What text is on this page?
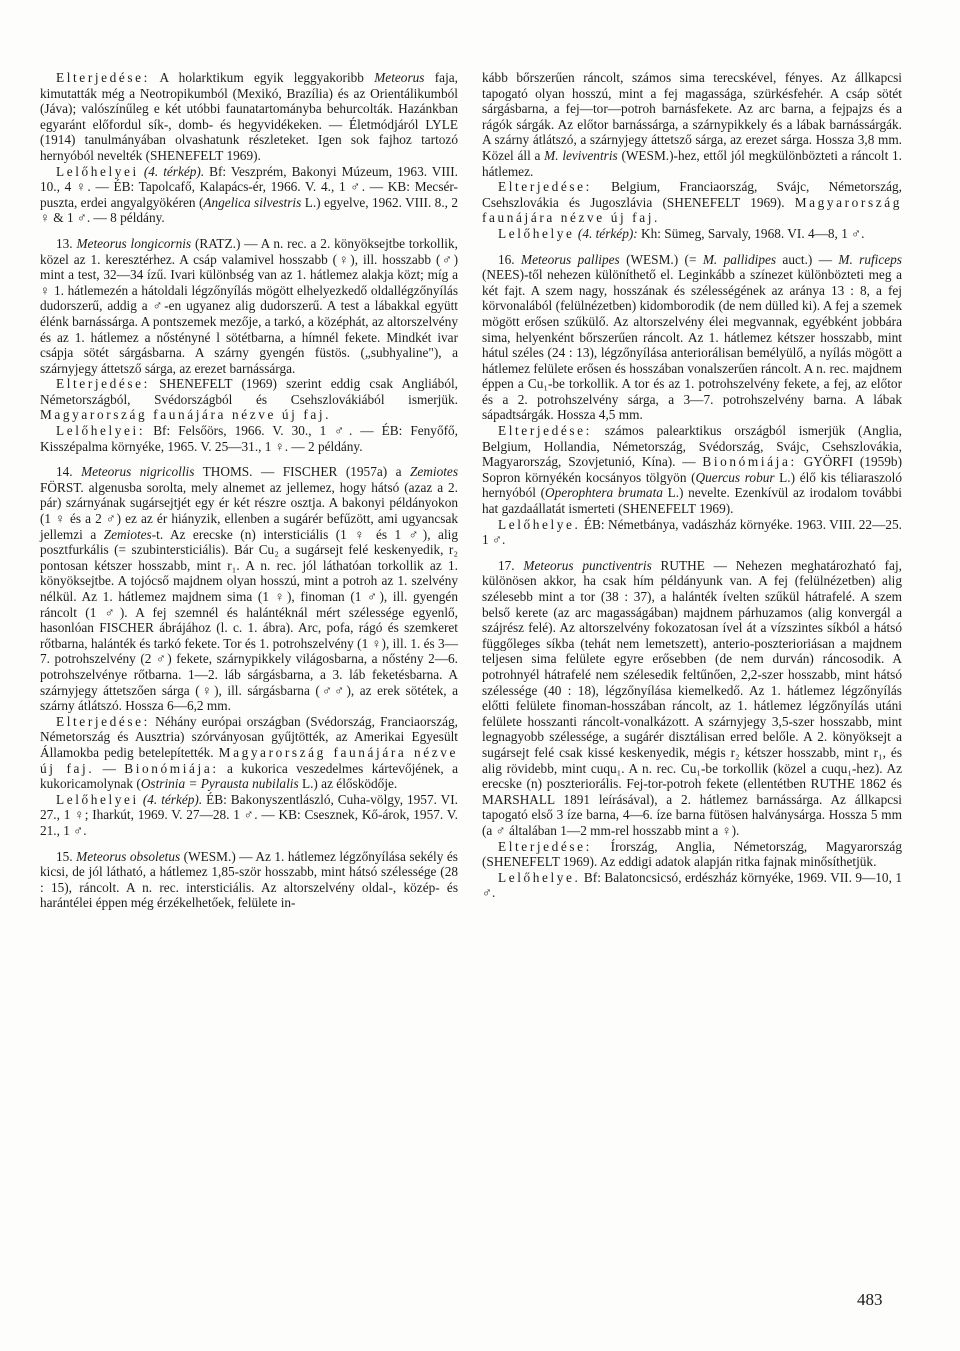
Elterjedése: A holarktikum egyik leggyakoribb Meteorus faja, kimutatták még a Neotropikumból (Mexikó, Brazília) és az Orientálikumból (Jáva); valószínűleg e két utóbbi faunatartományba behurcolták. Hazánkban egyaránt előfordul sík-, domb- és hegyvidékeken. — Életmódjáról LYLE (1914) tanulmányában olvashatunk részleteket. Igen sok fajhoz tartozó hernyóból nevelték (SHENEFELT 1969).

Lelőhelyei (4. térkép). Bf: Veszprém, Bakonyi Múzeum, 1963. VIII. 10., 4 ♀. — ÉB: Tapolcafő, Kalapács-ér, 1966. V. 4., 1 ♂. — KB: Mecsér-puszta, erdei angyalgyökéren (Angelica silvestris L.) egyelve, 1962. VIII. 8., 2 ♀ & 1 ♂. — 8 példány.

13. Meteorus longicornis (RATZ.) — A n. rec. a 2. könyöksejtbe torkollik, közel az 1. keresztérhez. A csáp valamivel hosszabb (♀), ill. hosszabb (♂) mint a test, 32—34 ízű. Ivari különbség van az 1. hátlemez alakja közt; míg a ♀ 1. hátlemezén a hátoldali légzőnyílás mögött elhelyezkedő oldallégzőnyílás dudorszerű, addig a ♂-en ugyanez alig dudorszerű. A test a lábakkal együtt élénk barnássárga. A pontszemek mezője, a tarkó, a középhát, az altorszelvény és az 1. hátlemez a nőstényné l sötétbarna, a hímnél fekete. Mindkét ivar csápja sötét sárgásbarna. A szárny gyengén füstös. („subhyaline"), a szárnyjegy áttetsző sárga, az erezet barnássárga.

Elterjedése: SHENEFELT (1969) szerint eddig csak Angliából, Németországból, Svédországból és Csehszlovákiából ismerjük. Magyarország faunájára nézve új faj.

Lelőhelyei: Bf: Felsőörs, 1966. V. 30., 1 ♂. — ÉB: Fenyőfő, Kisszépalma környéke, 1965. V. 25—31., 1 ♀. — 2 példány.

14. Meteorus nigricollis THOMS. — FISCHER (1957a) a Zemiotes FÖRST. algenusba sorolta, mely alnemet az jellemez, hogy hátsó (azaz a 2. pár) szárnyának sugársejtjét egy ér két részre osztja. A bakonyi példányokon (1 ♀ és a 2 ♂) ez az ér hiányzik, ellenben a sugárér befűzött, ami ugyancsak jellemzi a Zemiotes-t. Az erecske (n) intersticiális (1 ♀ és 1 ♂), alig posztfurkális (= szubintersticiális). Bár Cu₂ a sugársejt felé keskenyedik, r₂ pontosan kétszer hosszabb, mint r₁. A n. rec. jól láthatóan torkollik az 1. könyöksejtbe. A tojócső majdnem olyan hosszú, mint a potroh az 1. szelvény nélkül. Az 1. hátlemez majdnem sima (1 ♀), finoman (1 ♂), ill. gyengén ráncolt (1 ♂). A fej szemnél és halántéknál mért szélessége egyenlő, hasonlóan FISCHER ábrájához (l. c. 1. ábra). Arc, pofa, rágó és szemkeret rőtbarna, halánték és tarkó fekete. Tor és 1. potrohszelvény (1 ♀), ill. 1. és 3—7. potrohszelvény (2 ♂) fekete, szárnypikkely világosbarna, a nőstény 2—6. potrohszelvénye rőtbarna. 1—2. láb sárgásbarna, a 3. láb feketésbarna. A szárnyjegy áttetszően sárga (♀), ill. sárgásbarna (♂♂), az erek sötétek, a szárny átlátszó. Hossza 6—6,2 mm.

Elterjedése: Néhány európai országban (Svédország, Franciaország, Németország és Ausztria) szórványosan gyűjtötték, az Amerikai Egyesült Államokba pedig betelepítették. Magyarország faunájára nézve új faj. — Bionómiája: a kukorica veszedelmes kártevőjének, a kukoricamolynak (Ostrinia = Pyrausta nubilalis L.) az élősködője.

Lelőhelyei (4. térkép). ÉB: Bakonyszentlászló, Cuha-völgy, 1957. VI. 27., 1 ♀; Iharkút, 1969. V. 27—28. 1 ♂. — KB: Csesznek, Kő-árok, 1957. V. 21., 1 ♂.

15. Meteorus obsoletus (WESM.) — Az 1. hátlemez légzőnyílása sekély és kicsi, de jól látható, a hátlemez 1,85-ször hosszabb, mint hátsó szélessége (28 : 15), ráncolt. A n. rec. intersticiális. Az altorszelvény oldal-, közép- és harántélei éppen még érzékelhetőek, felülete in-

kább bőrszerűen ráncolt, számos sima terecskével, fényes. Az állkapcsi tapogató olyan hosszú, mint a fej magassága, szürkésfehér. A csáp sötét sárgásbarna, a fej—tor—potroh barnásfekete. Az arc barna, a fejpajzs és a rágók sárgák. Az előtor barnássárga, a szárnypikkely és a lábak barnássárgák. A szárny átlátszó, a szárnyjegy áttetsző sárga, az erezet sárga. Hossza 3,8 mm. Közel áll a M. leviventris (WESM.)-hez, ettől jól megkülönbözteti a ráncolt 1. hátlemez.

Elterjedése: Belgium, Franciaország, Svájc, Németország, Csehszlovákia és Jugoszlávia (SHENEFELT 1969). Magyarország faunájára nézve új faj.

Lelőhelye (4. térkép): Kh: Sümeg, Sarvaly, 1968. VI. 4—8, 1 ♂.

16. Meteorus pallipes (WESM.) (= M. pallidipes auct.) — M. ruficeps (NEES)-től nehezen különíthető el. Leginkább a színezet különbözteti meg a két fajt. A szem nagy, hosszának és szélességének az aránya 13 : 8, a fej körvonalából (felülnézetben) kidomborodik (de nem dülled ki). A fej a szemek mögött erősen szűkülő. Az altorszelvény élei megvannak, egyébként jobbára sima, helyenként bőrszerűen ráncolt. Az 1. hátlemez kétszer hosszabb, mint hátul széles (24 : 13), légzőnyílása anteriorálisan bemélyülő, a nyílás mögött a hátlemez felülete erősen és hosszában vonalszerűen ráncolt. A n. rec. majdnem éppen a Cu₁-be torkollik. A tor és az 1. potrohszelvény fekete, a fej, az előtor és a 2. potrohszelvény sárga, a 3—7. potrohszelvény barna. A lábak sápadtsárgák. Hossza 4,5 mm.

Elterjedése: számos palearktikus országból ismerjük (Anglia, Belgium, Hollandia, Németország, Svédország, Svájc, Csehszlovákia, Magyarország, Szovjetunió, Kína). — Bionómiája: GYÖRFI (1959b) Sopron környékén kocsányos tölgyön (Quercus robur L.) élő kis téliaraszoló hernyóból (Operophtera brumata L.) nevelte. Ezenkívül az irodalom további hat gazdaállatát ismerteti (SHENEFELT 1969).

Lelőhelye. ÉB: Németbánya, vadászház környéke. 1963. VIII. 22—25. 1 ♂.

17. Meteorus punctiventris RUTHE — Nehezen meghatározható faj, különösen akkor, ha csak hím példányunk van. A fej (felülnézetben) alig szélesebb mint a tor (38 : 37), a halánték ívelten szűkül hátrafelé. A szem belső kerete (az arc magasságában) majdnem párhuzamos (alig konvergál a szájrész felé). Az altorszelvény fokozatosan ível át a vízszintes síkból a hátsó függőleges síkba (tehát nem lemetszett), anterio-poszterioriásan a majdnem teljesen sima felülete egyre erősebben (de nem durván) ráncosodik. A potrohnyél hátrafelé nem szélesedik feltűnően, 2,2-szer hosszabb, mint hátsó szélessége (40 : 18), légzőnyílása kiemelkedő. Az 1. hátlemez légzőnyílás előtti felülete finoman-hosszában ráncolt, az 1. hátlemez légzőnyílás utáni felülete hosszanti ráncolt-vonalkázott. A szárnyjegy 3,5-szer hosszabb, mint legnagyobb szélessége, a sugárér disztálisan erred belőle. A 2. könyöksejt a sugársejt felé csak kissé keskenyedik, mégis r₂ kétszer hosszabb, mint r₁, és alig rövidebb, mint cuqu₁. A n. rec. Cu₁-be torkollik (közel a cuqu₁-hez). Az erecske (n) poszteriorális. Fej-tor-potroh fekete (ellentétben RUTHE 1862 és MARSHALL 1891 leírásával), a 2. hátlemez barnássárga. Az állkapcsi tapogató első 3 íze barna, 4—6. íze barna fütösen halványsárga. Hossza 5 mm (a ♂ általában 1—2 mm-rel hosszabb mint a ♀).

Elterjedése: Írország, Anglia, Németország, Magyarország (SHENEFELT 1969). Az eddigi adatok alapján ritka fajnak minősíthetjük.

Lelőhelye. Bf: Balatoncsicsó, erdészház környéke, 1969. VII. 9—10, 1 ♂.

483
